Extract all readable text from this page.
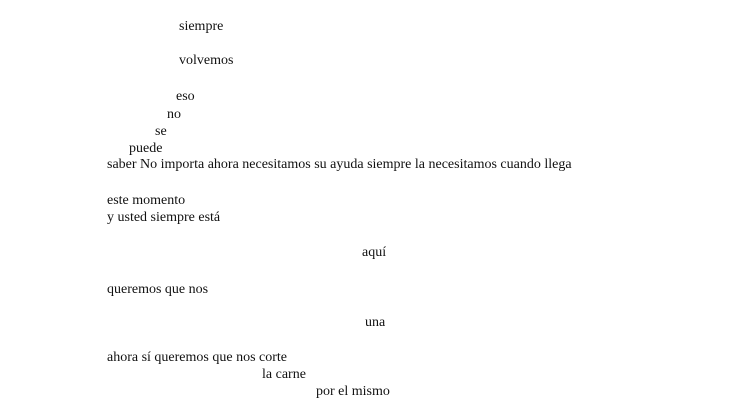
siempre
volvemos
eso
no
se
puede
saber No importa ahora necesitamos su ayuda siempre la necesitamos cuando llega
este momento
y usted siempre está
aquí
queremos que nos
una
ahora sí queremos que nos corte
la carne
por el mismo
